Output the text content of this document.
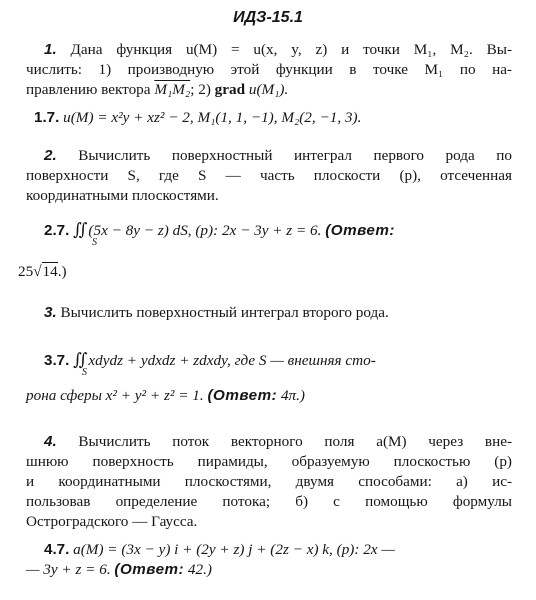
ИДЗ-15.1
1. Дана функция u(M) = u(x, y, z) и точки M₁, M₂. Вы-
числить: 1) производную этой функции в точке M₁ по на-
правлению вектора M₁M₂; 2) grad u(M₁).
1.7. u(M) = x²y + xz² − 2, M₁(1, 1, −1), M₂(2, −1, 3).
2. Вычислить поверхностный интеграл первого рода по
поверхности S, где S — часть плоскости (p), отсеченная
координатными плоскостями.
2.7. ∬ (5x − 8y − z) dS, (p): 2x − 3y + z = 6. (Ответ:
S
25√14.)
3. Вычислить поверхностный интеграл второго рода.
3.7. ∬ xdydz + ydxdz + zdxdy, где S — внешняя сто-
S
рона сферы x² + y² + z² = 1. (Ответ: 4π.)
4. Вычислить поток векторного поля a(M) через вне-
шнюю поверхность пирамиды, образуемую плоскостью (p)
и координатными плоскостями, двумя способами: а) ис-
пользовав определение потока; б) с помощью формулы
Остроградского — Гаусса.
4.7. a(M) = (3x − y) i + (2y + z) j + (2z − x) k, (p): 2x —
— 3y + z = 6. (Ответ: 42.)
